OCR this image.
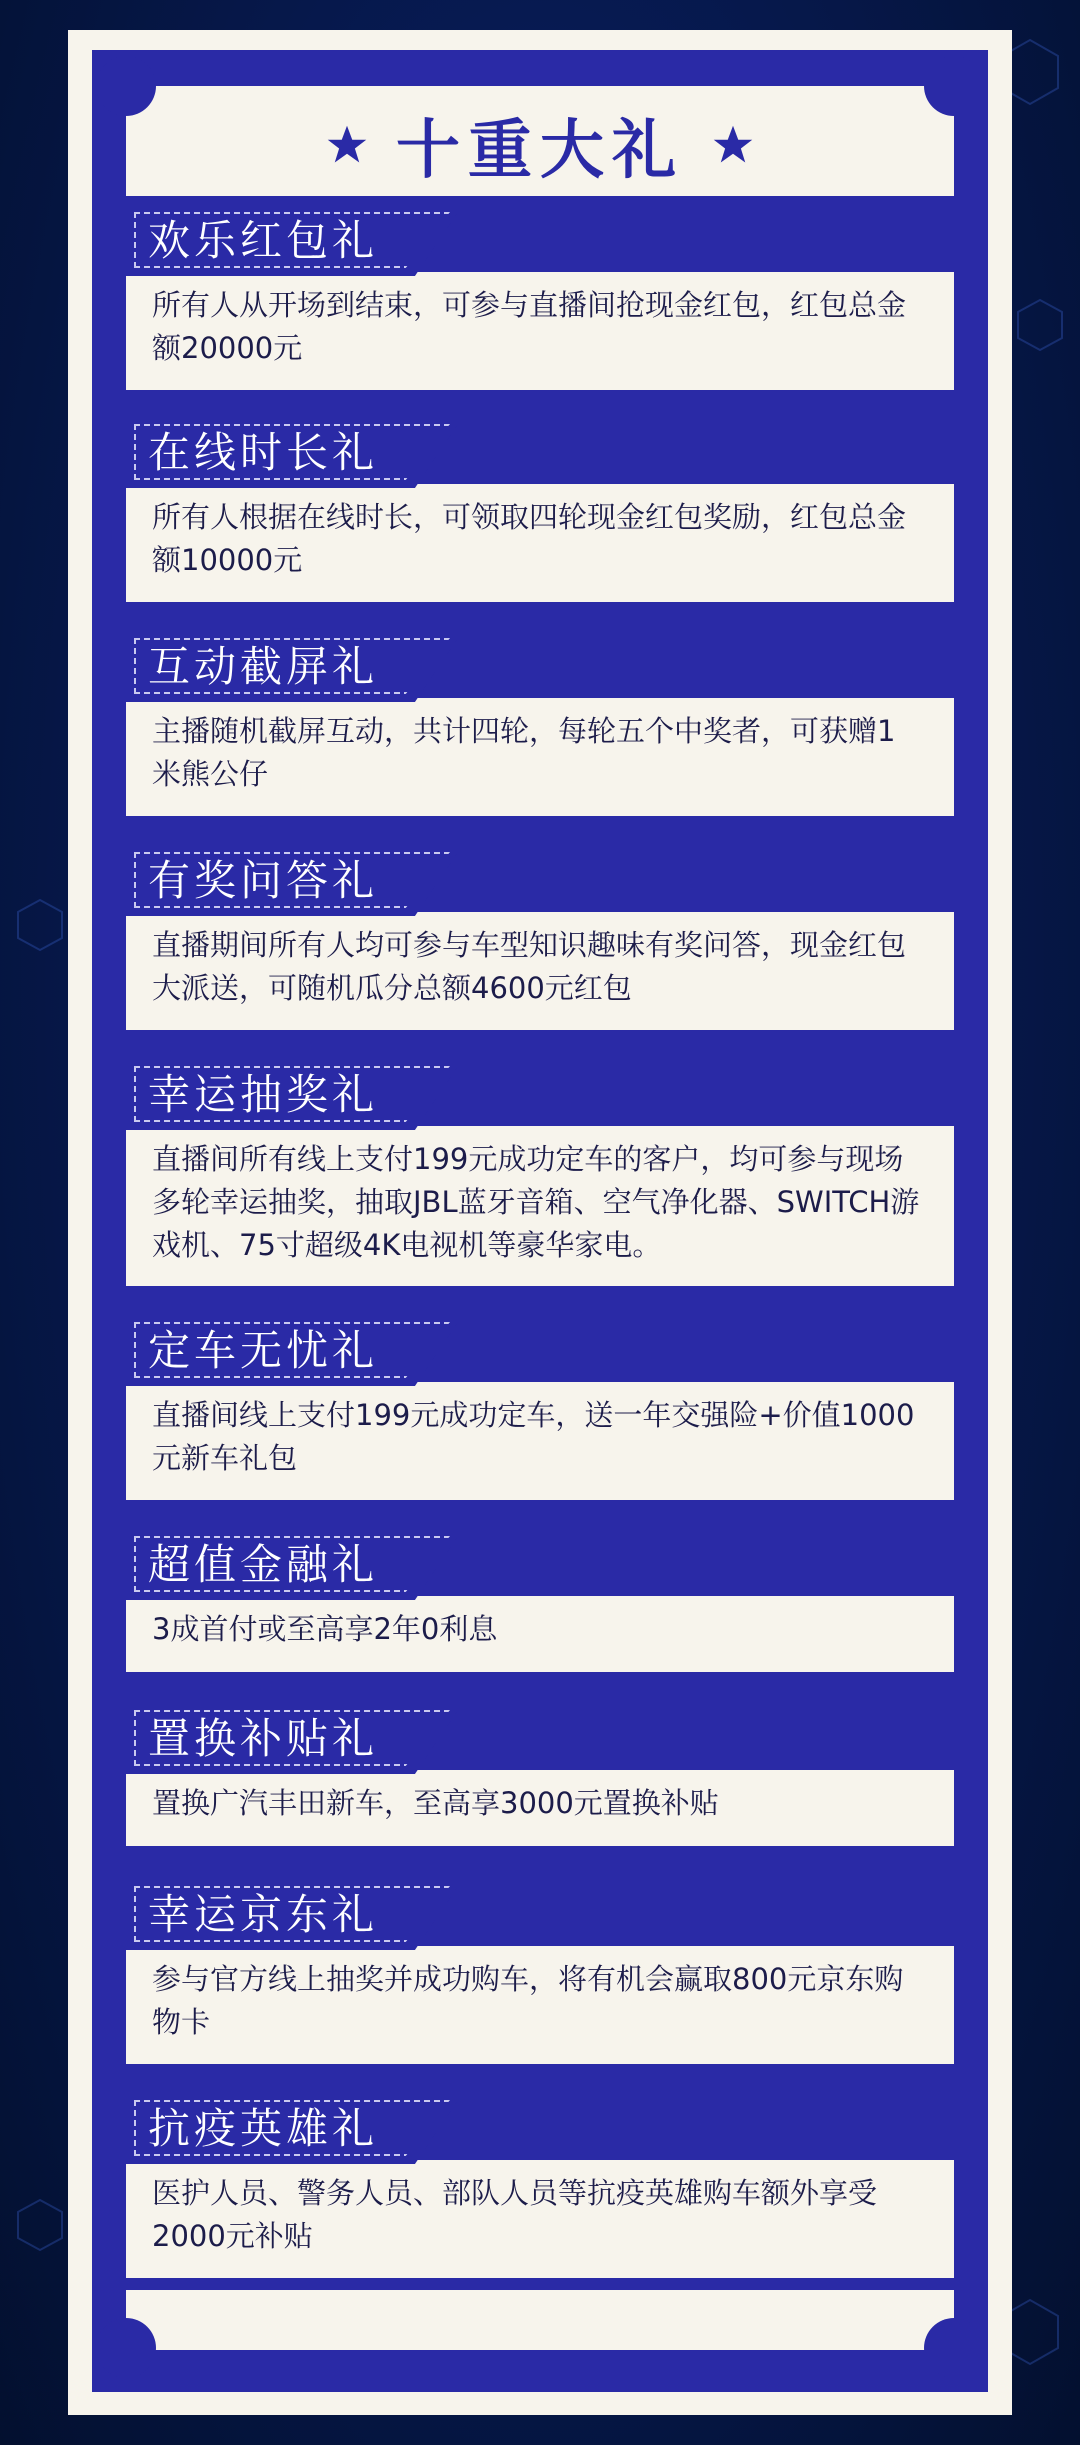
十重大礼
所有人从开场到结束，可参与直播间抢现金红包，红包总金额20000元
欢乐红包礼
所有人根据在线时长，可领取四轮现金红包奖励，红包总金额10000元
在线时长礼
主播随机截屏互动，共计四轮，每轮五个中奖者，可获赠1米熊公仔
互动截屏礼
直播期间所有人均可参与车型知识趣味有奖问答，现金红包大派送，可随机瓜分总额4600元红包
有奖问答礼
直播间所有线上支付199元成功定车的客户，均可参与现场多轮幸运抽奖，抽取JBL蓝牙音箱、空气净化器、SWITCH游戏机、75寸超级4K电视机等豪华家电。
幸运抽奖礼
直播间线上支付199元成功定车，送一年交强险+价值1000元新车礼包
定车无忧礼
3成首付或至高享2年0利息
超值金融礼
置换广汽丰田新车，至高享3000元置换补贴
置换补贴礼
参与官方线上抽奖并成功购车，将有机会赢取800元京东购物卡
幸运京东礼
医护人员、警务人员、部队人员等抗疫英雄购车额外享受2000元补贴
抗疫英雄礼
